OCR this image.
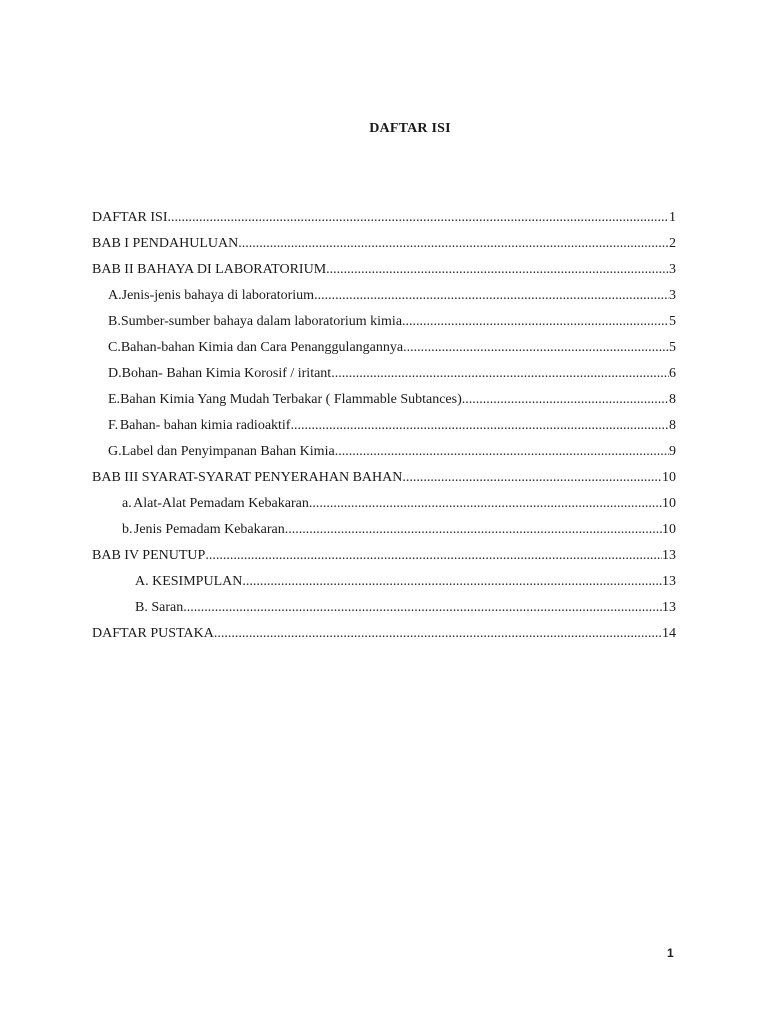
DAFTAR ISI
DAFTAR ISI .....	1
BAB I PENDAHULUAN .....	2
BAB II BAHAYA DI LABORATORIUM .....	3
A. Jenis-jenis bahaya di laboratorium .....	3
B. Sumber-sumber bahaya dalam laboratorium kimia .....	5
C. Bahan-bahan Kimia dan Cara Penanggulangannya .....	5
D. Bohan- Bahan Kimia Korosif / iritant .....	6
E. Bahan Kimia Yang Mudah Terbakar ( Flammable Subtances) .....	8
F. Bahan- bahan kimia radioaktif. .....	8
G. Label dan Penyimpanan Bahan Kimia .....	9
BAB III SYARAT-SYARAT PENYERAHAN BAHAN .....	10
a. Alat-Alat Pemadam Kebakaran .....	10
b. Jenis Pemadam Kebakaran .....	10
BAB IV PENUTUP .....	13
A. KESIMPULAN .....	13
B. Saran .....	13
DAFTAR PUSTAKA .....	14
1
